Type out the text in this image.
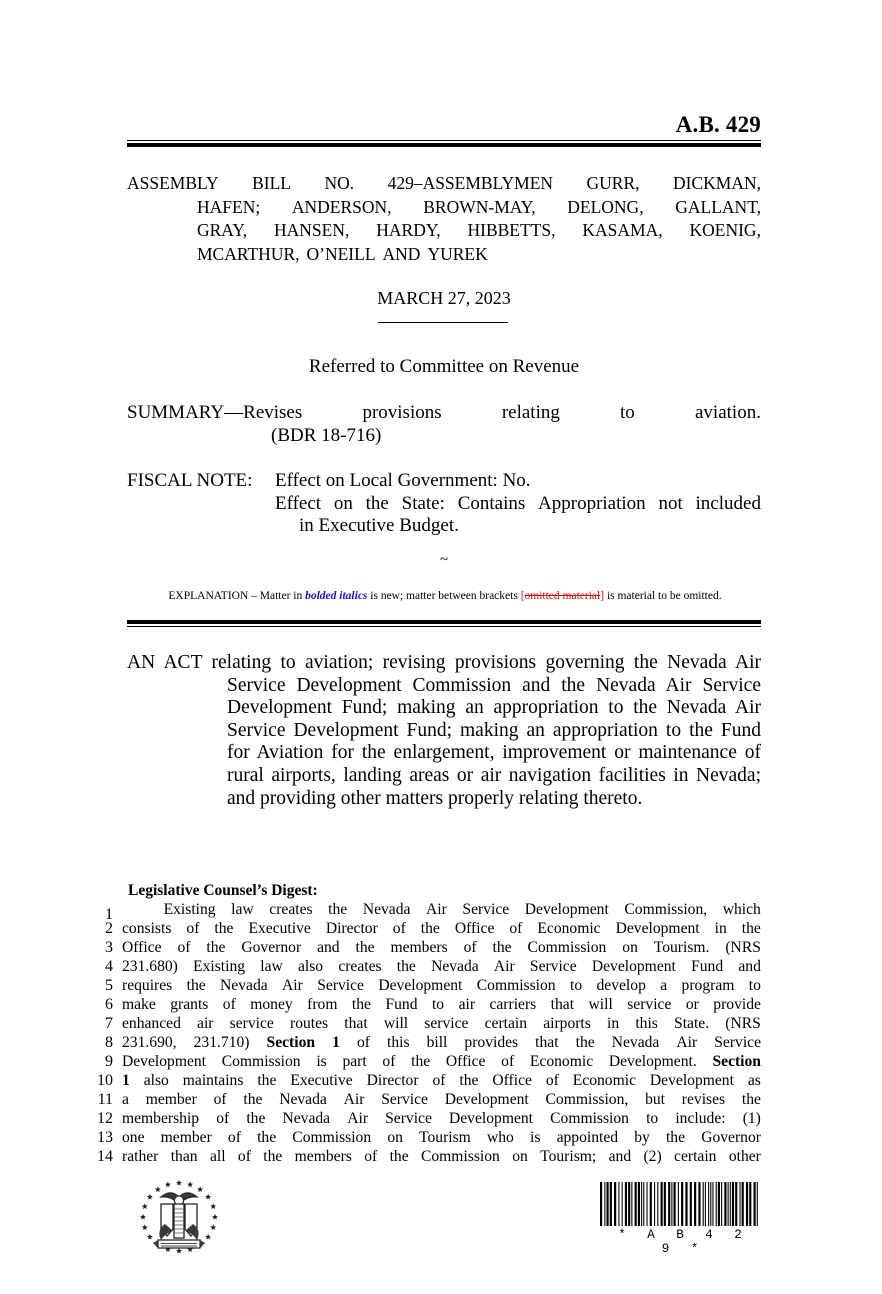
A.B. 429
ASSEMBLY BILL NO. 429–ASSEMBLYMEN GURR, DICKMAN,
HAFEN; ANDERSON, BROWN-MAY, DELONG, GALLANT,
GRAY, HANSEN, HARDY, HIBBETTS, KASAMA, KOENIG,
MCARTHUR, O’NEILL AND YUREK
MARCH 27, 2023
Referred to Committee on Revenue
SUMMARY—Revises	provisions	relating	to	aviation.
(BDR 18-716)
FISCAL NOTE: Effect on Local Government: No.
Effect on the State: Contains Appropriation not included
in Executive Budget.
~
EXPLANATION – Matter in bolded italics is new; matter between brackets [omitted material] is material to be omitted.
AN ACT relating to aviation; revising provisions governing the Nevada Air Service Development Commission and the Nevada Air Service Development Fund; making an appropriation to the Nevada Air Service Development Fund; making an appropriation to the Fund for Aviation for the enlargement, improvement or maintenance of rural airports, landing areas or air navigation facilities in Nevada; and providing other matters properly relating thereto.
Legislative Counsel’s Digest:
1	Existing law creates the Nevada Air Service Development Commission, which
2 consists of the Executive Director of the Office of Economic Development in the
3 Office of the Governor and the members of the Commission on Tourism. (NRS
4 231.680) Existing law also creates the Nevada Air Service Development Fund and
5 requires the Nevada Air Service Development Commission to develop a program to
6 make grants of money from the Fund to air carriers that will service or provide
7 enhanced air service routes that will service certain airports in this State. (NRS
8 231.690, 231.710) Section 1 of this bill provides that the Nevada Air Service
9 Development Commission is part of the Office of Economic Development. Section
10 1 also maintains the Executive Director of the Office of Economic Development as
11 a member of the Nevada Air Service Development Commission, but revises the
12 membership of the Nevada Air Service Development Commission to include: (1)
13 one member of the Commission on Tourism who is appointed by the Governor
14 rather than all of the members of the Commission on Tourism; and (2) certain other
* A B 4 2 9 *
